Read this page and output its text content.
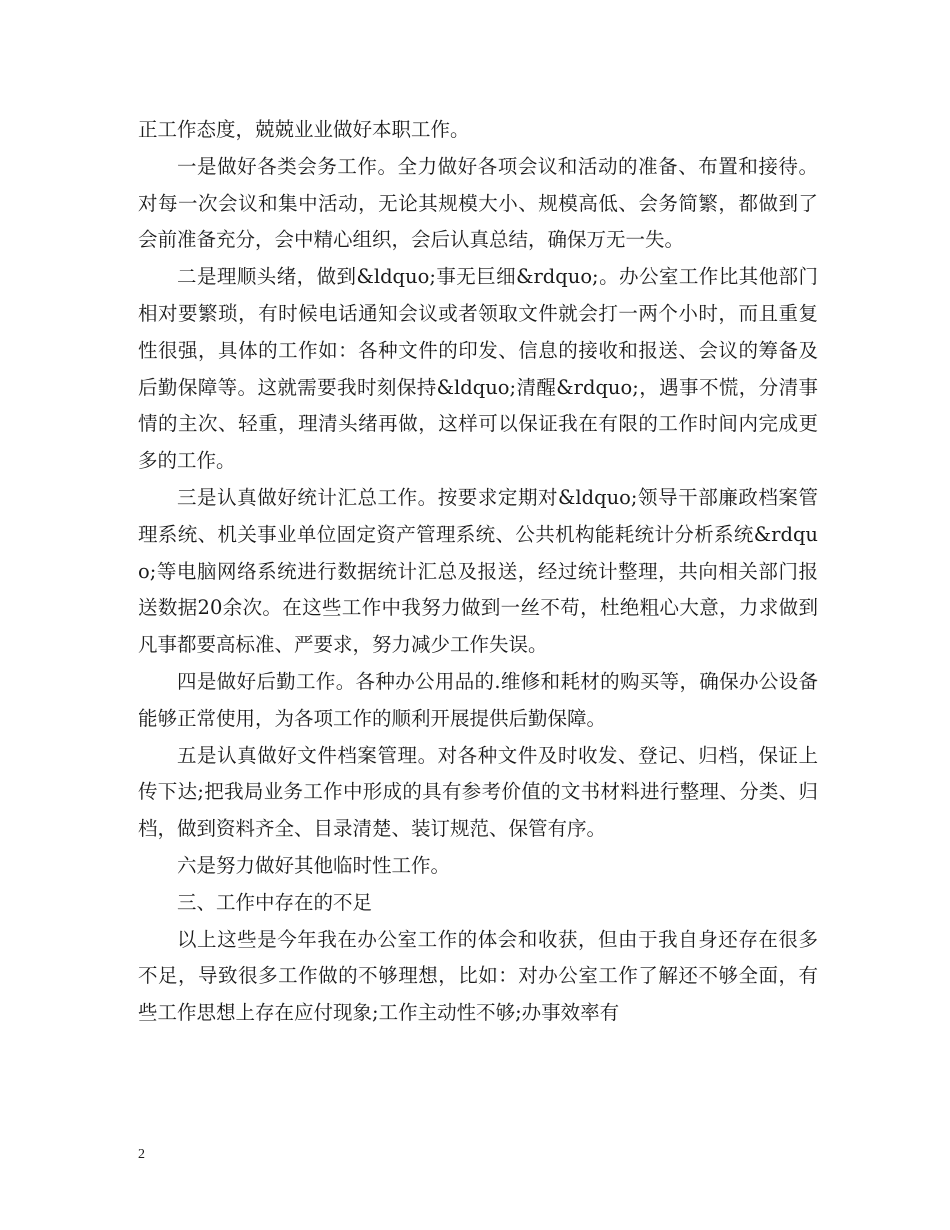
正工作态度，兢兢业业做好本职工作。

一是做好各类会务工作。全力做好各项会议和活动的准备、布置和接待。对每一次会议和集中活动，无论其规模大小、规模高低、会务简繁，都做到了会前准备充分，会中精心组织，会后认真总结，确保万无一失。

二是理顺头绪，做到&ldquo;事无巨细&rdquo;。办公室工作比其他部门相对要繁琐，有时候电话通知会议或者领取文件就会打一两个小时，而且重复性很强，具体的工作如：各种文件的印发、信息的接收和报送、会议的筹备及后勤保障等。这就需要我时刻保持&ldquo;清醒&rdquo;，遇事不慌，分清事情的主次、轻重，理清头绪再做，这样可以保证我在有限的工作时间内完成更多的工作。

三是认真做好统计汇总工作。按要求定期对&ldquo;领导干部廉政档案管理系统、机关事业单位固定资产管理系统、公共机构能耗统计分析系统&rdquo;等电脑网络系统进行数据统计汇总及报送，经过统计整理，共向相关部门报送数据20余次。在这些工作中我努力做到一丝不苟，杜绝粗心大意，力求做到凡事都要高标准、严要求，努力减少工作失误。

四是做好后勤工作。各种办公用品的.维修和耗材的购买等，确保办公设备能够正常使用，为各项工作的顺利开展提供后勤保障。

五是认真做好文件档案管理。对各种文件及时收发、登记、归档，保证上传下达;把我局业务工作中形成的具有参考价值的文书材料进行整理、分类、归档，做到资料齐全、目录清楚、装订规范、保管有序。

六是努力做好其他临时性工作。

三、工作中存在的不足

以上这些是今年我在办公室工作的体会和收获，但由于我自身还存在很多不足，导致很多工作做的不够理想，比如：对办公室工作了解还不够全面，有些工作思想上存在应付现象;工作主动性不够;办事效率有

2
